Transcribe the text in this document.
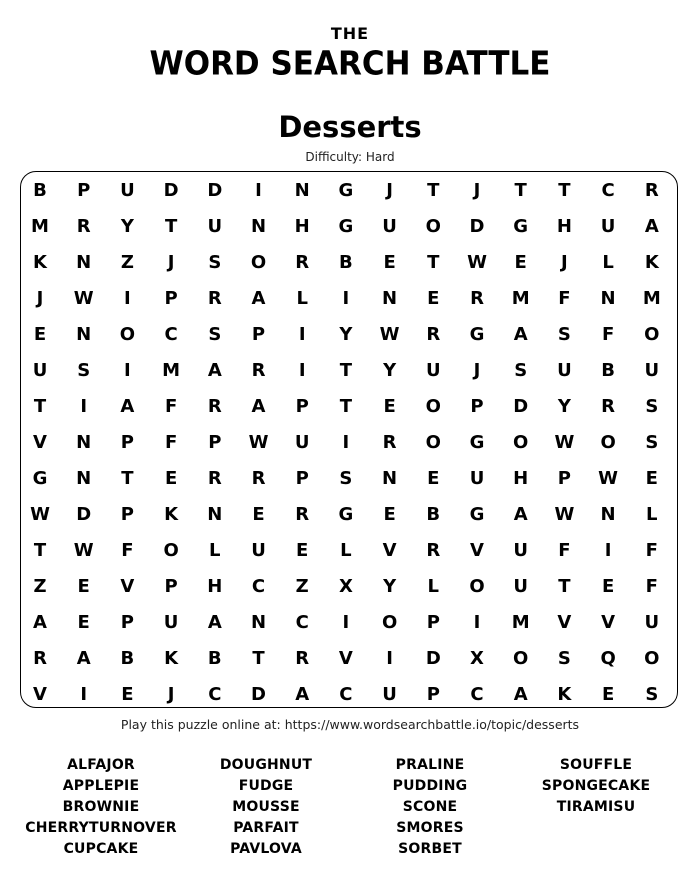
THE
WORD SEARCH BATTLE
Desserts
Difficulty: Hard
B	P	U	D	D	I	N	G	J	T	J	T	T	C	R
M	R	Y	T	U	N	H	G	U	O	D	G	H	U	A
K	N	Z	J	S	O	R	B	E	T	W	E	J	L	K
J	W	I	P	R	A	L	I	N	E	R	M	F	N	M
E	N	O	C	S	P	I	Y	W	R	G	A	S	F	O
U	S	I	M	A	R	I	T	Y	U	J	S	U	B	U
T	I	A	F	R	A	P	T	E	O	P	D	Y	R	S
V	N	P	F	P	W	U	I	R	O	G	O	W	O	S
G	N	T	E	R	R	P	S	N	E	U	H	P	W	E
W	D	P	K	N	E	R	G	E	B	G	A	W	N	L
T	W	F	O	L	U	E	L	V	R	V	U	F	I	F
Z	E	V	P	H	C	Z	X	Y	L	O	U	T	E	F
A	E	P	U	A	N	C	I	O	P	I	M	V	V	U
R	A	B	K	B	T	R	V	I	D	X	O	S	Q	O
V	I	E	J	C	D	A	C	U	P	C	A	K	E	S
Play this puzzle online at: https://www.wordsearchbattle.io/topic/desserts
ALFAJOR
APPLEPIE
BROWNIE
CHERRYTURNOVER
CUPCAKE
DOUGHNUT
FUDGE
MOUSSE
PARFAIT
PAVLOVA
PRALINE
PUDDING
SCONE
SMORES
SORBET
SOUFFLE
SPONGECAKE
TIRAMISU
